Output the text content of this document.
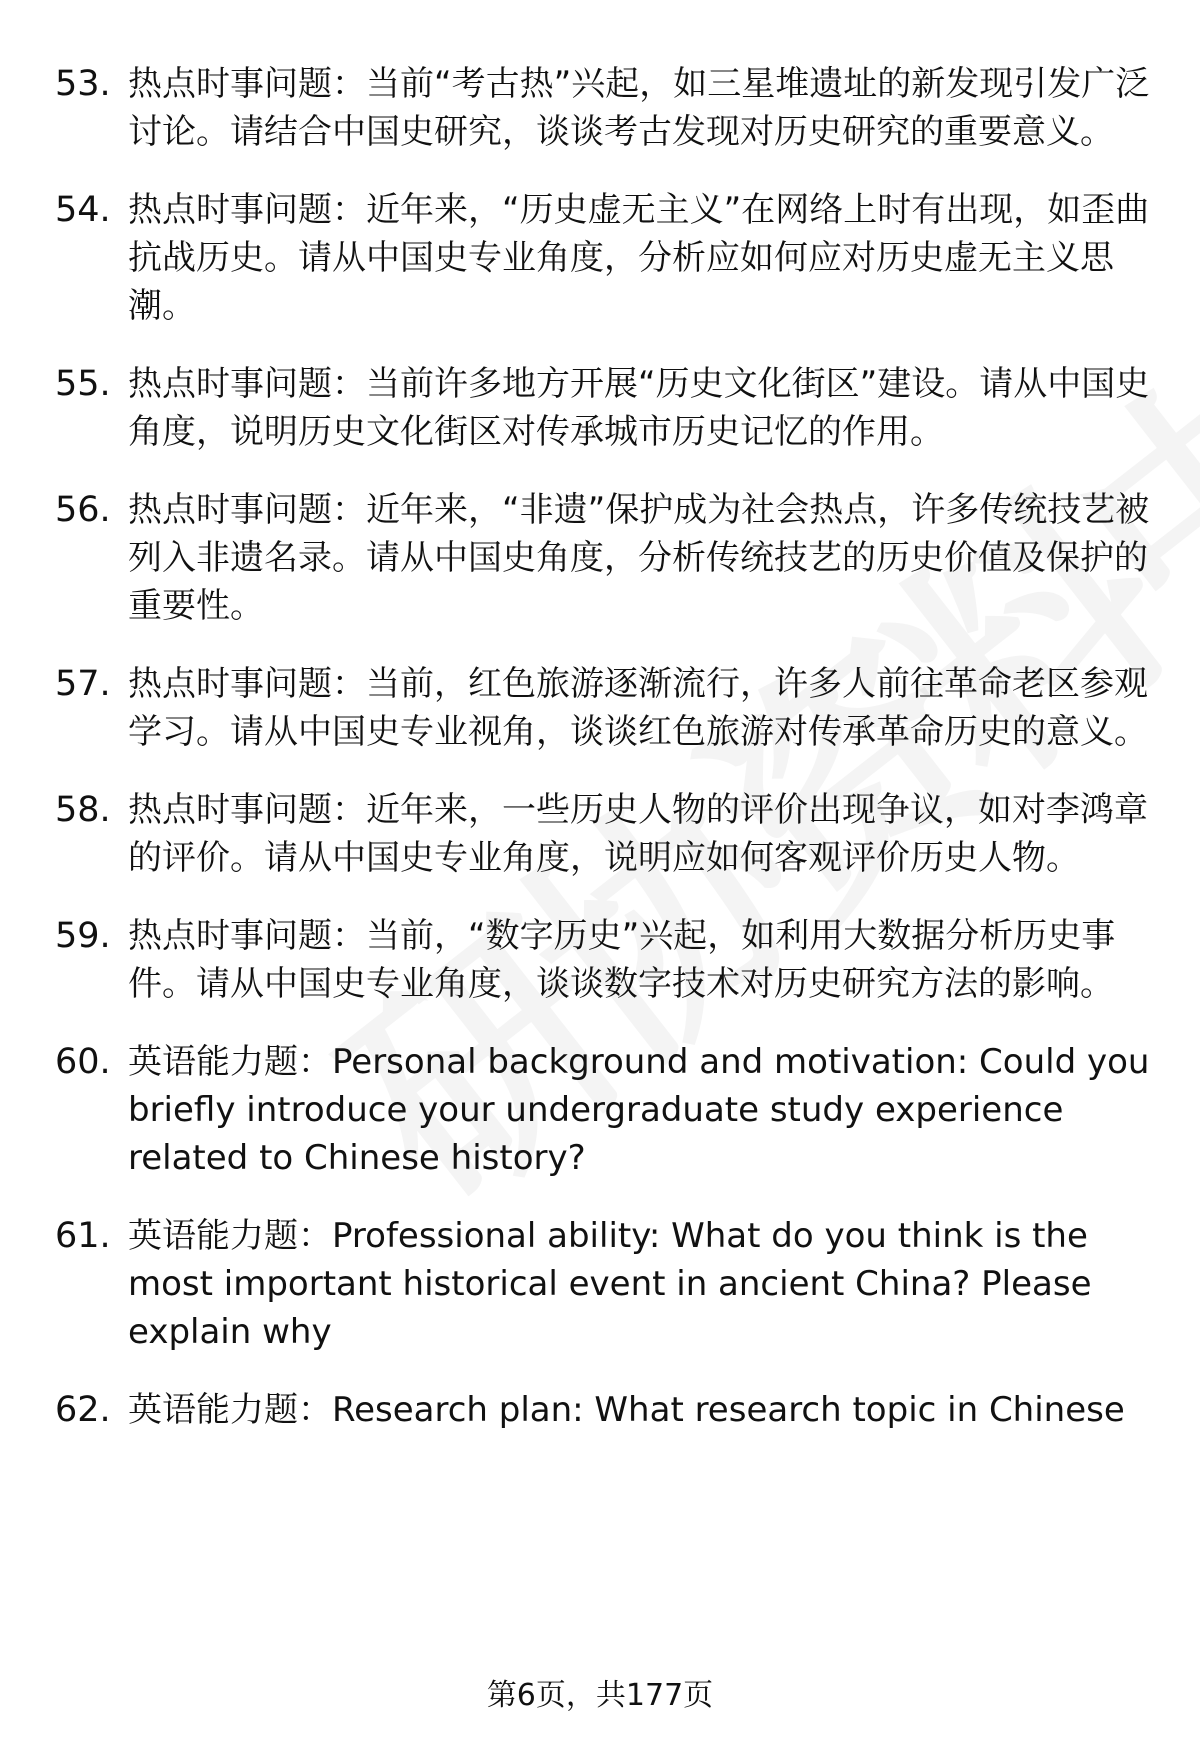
53. 热点时事问题：当前“考古热”兴起，如三星堆遗址的新发现引发广泛讨论。请结合中国史研究，谈谈考古发现对历史研究的重要意义。
54. 热点时事问题：近年来，“历史虚无主义”在网络上时有出现，如歪曲抗战历史。请从中国史专业角度，分析应如何应对历史虚无主义思潮。
55. 热点时事问题：当前许多地方开展“历史文化街区”建设。请从中国史角度，说明历史文化街区对传承城市历史记忆的作用。
56. 热点时事问题：近年来，“非遗”保护成为社会热点，许多传统技艺被列入非遗名录。请从中国史角度，分析传统技艺的历史价值及保护的重要性。
57. 热点时事问题：当前，红色旅游逐渐流行，许多人前往革命老区参观学习。请从中国史专业视角，谈谈红色旅游对传承革命历史的意义。
58. 热点时事问题：近年来，一些历史人物的评价出现争议，如对李鸿章的评价。请从中国史专业角度，说明应如何客观评价历史人物。
59. 热点时事问题：当前，“数字历史”兴起，如利用大数据分析历史事件。请从中国史专业角度，谈谈数字技术对历史研究方法的影响。
60. 英语能力题：Personal background and motivation: Could you briefly introduce your undergraduate study experience related to Chinese history?
61. 英语能力题：Professional ability: What do you think is the most important historical event in ancient China? Please explain why
62. 英语能力题：Research plan: What research topic in Chinese
第6页，共177页
